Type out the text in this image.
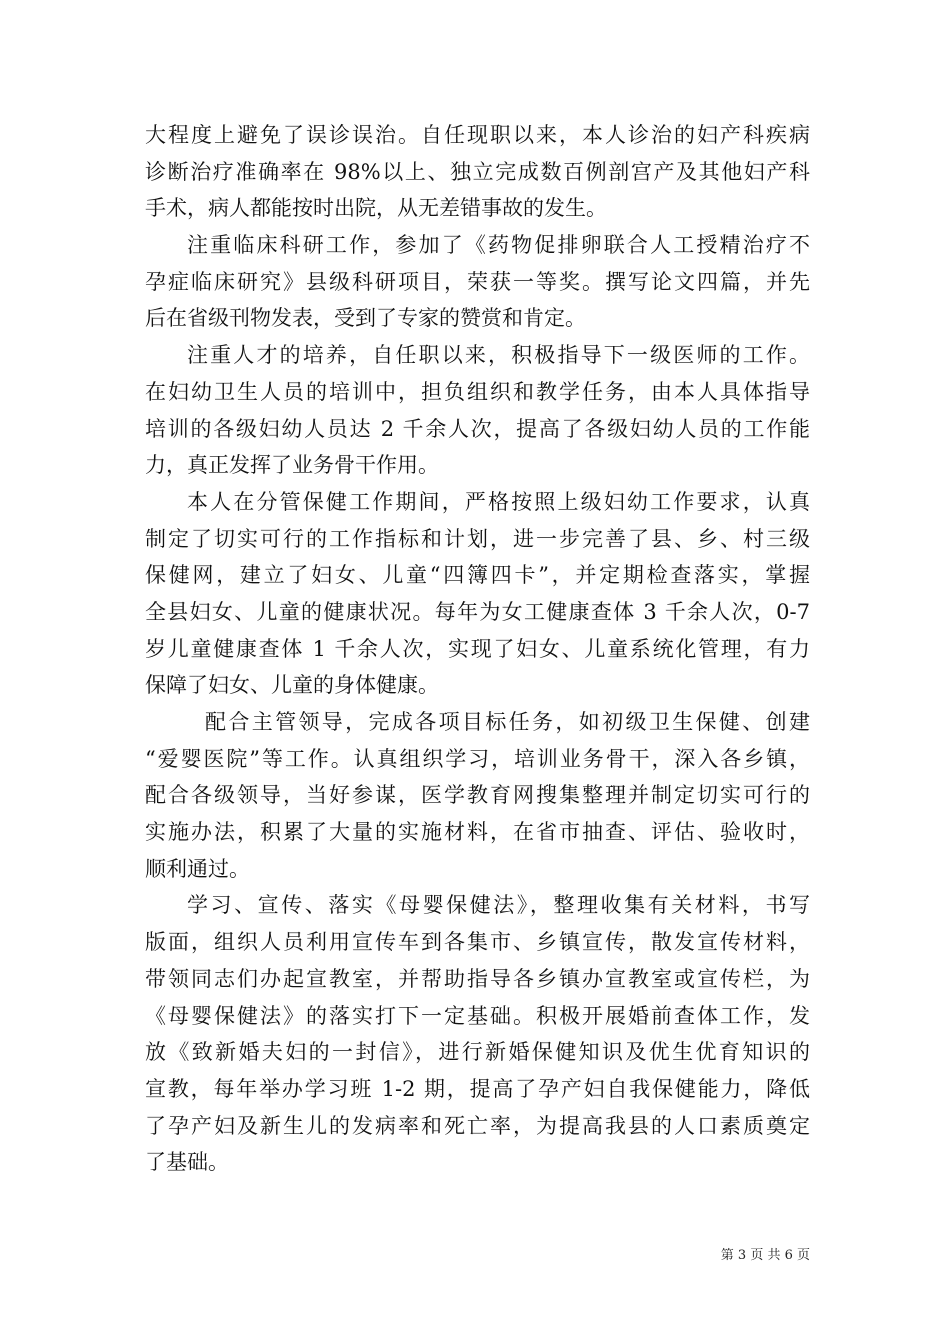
大程度上避免了误诊误治。自任现职以来，本人诊治的妇产科疾病
诊断治疗准确率在 98%以上、独立完成数百例剖宫产及其他妇产科
手术，病人都能按时出院，从无差错事故的发生。
注重临床科研工作，参加了《药物促排卵联合人工授精治疗不
孕症临床研究》县级科研项目，荣获一等奖。撰写论文四篇，并先
后在省级刊物发表，受到了专家的赞赏和肯定。
注重人才的培养，自任职以来，积极指导下一级医师的工作。
在妇幼卫生人员的培训中，担负组织和教学任务，由本人具体指导
培训的各级妇幼人员达 2 千余人次，提高了各级妇幼人员的工作能
力，真正发挥了业务骨干作用。
本人在分管保健工作期间，严格按照上级妇幼工作要求，认真
制定了切实可行的工作指标和计划，进一步完善了县、乡、村三级
保健网，建立了妇女、儿童“四簿四卡”，并定期检查落实，掌握
全县妇女、儿童的健康状况。每年为女工健康查体 3 千余人次，0-7
岁儿童健康查体 1 千余人次，实现了妇女、儿童系统化管理，有力
保障了妇女、儿童的身体健康。
配合主管领导，完成各项目标任务，如初级卫生保健、创建
“爱婴医院”等工作。认真组织学习，培训业务骨干，深入各乡镇，
配合各级领导，当好参谋，医学教育网搜集整理并制定切实可行的
实施办法，积累了大量的实施材料，在省市抽查、评估、验收时，
顺利通过。
学习、宣传、落实《母婴保健法》，整理收集有关材料，书写
版面，组织人员利用宣传车到各集市、乡镇宣传，散发宣传材料，
带领同志们办起宣教室，并帮助指导各乡镇办宣教室或宣传栏，为
《母婴保健法》的落实打下一定基础。积极开展婚前查体工作，发
放《致新婚夫妇的一封信》，进行新婚保健知识及优生优育知识的
宣教，每年举办学习班 1-2 期，提高了孕产妇自我保健能力，降低
了孕产妇及新生儿的发病率和死亡率，为提高我县的人口素质奠定
了基础。
第 3 页 共 6 页
